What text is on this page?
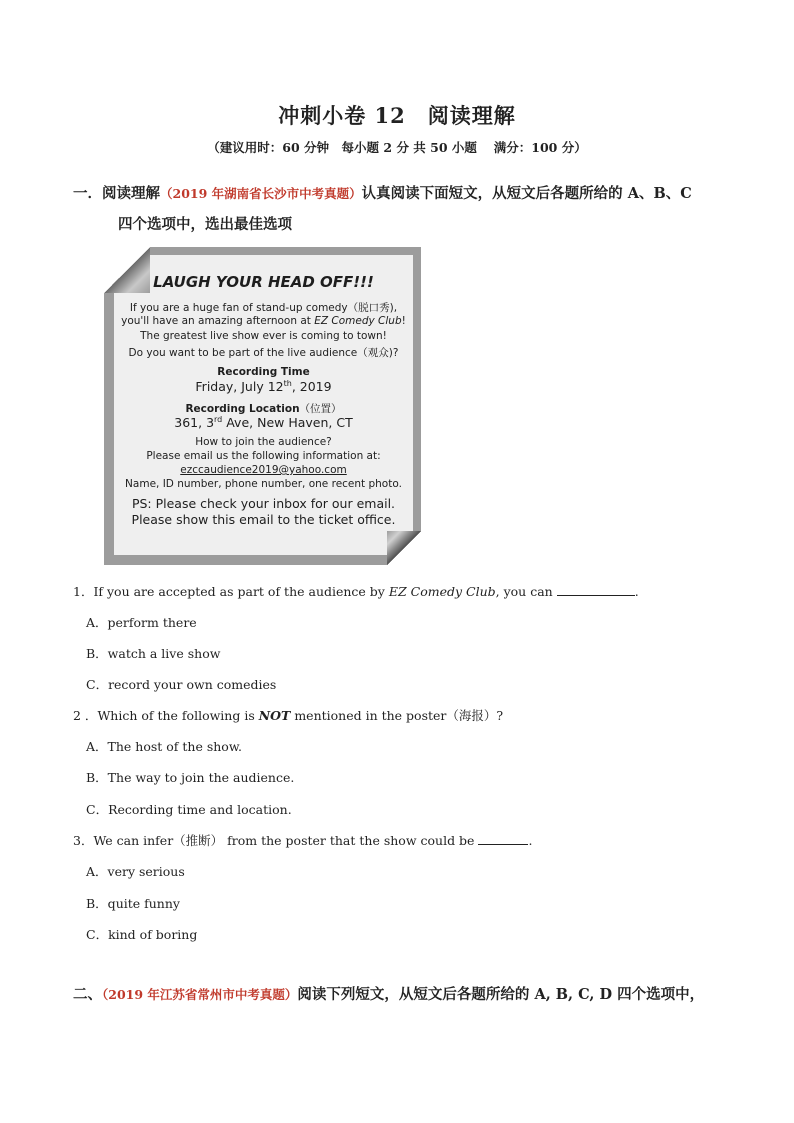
冲刺小卷 12　阅读理解
（建议用时：60 分钟　每小题 2 分 共 50 小题　 满分：100 分）
一．阅读理解（2019 年湖南省长沙市中考真题）认真阅读下面短文，从短文后各题所给的 A、B、C
四个选项中，选出最佳选项
LAUGH YOUR HEAD OFF!!!
If you are a huge fan of stand-up comedy（脱口秀),
you'll have an amazing afternoon at EZ Comedy Club!
The greatest live show ever is coming to town!
Do you want to be part of the live audience（观众)?
Recording Time
Friday, July 12th, 2019
Recording Location（位置）
361, 3rd Ave, New Haven, CT
How to join the audience?
Please email us the following information at:
ezccaudience2019@yahoo.com
Name, ID number, phone number, one recent photo.
PS: Please check your inbox for our email.
Please show this email to the ticket office.
1．If you are accepted as part of the audience by EZ Comedy Club, you can	.
A．perform there
B．watch a live show
C．record your own comedies
2 ．Which of the following is NOT mentioned in the poster（海报）?
A．The host of the show.
B．The way to join the audience.
C．Recording time and location.
3．We can infer（推断） from the poster that the show could be	.
A．very serious
B．quite funny
C．kind of boring
二、（2019 年江苏省常州市中考真题）阅读下列短文，从短文后各题所给的 A, B, C, D 四个选项中，
